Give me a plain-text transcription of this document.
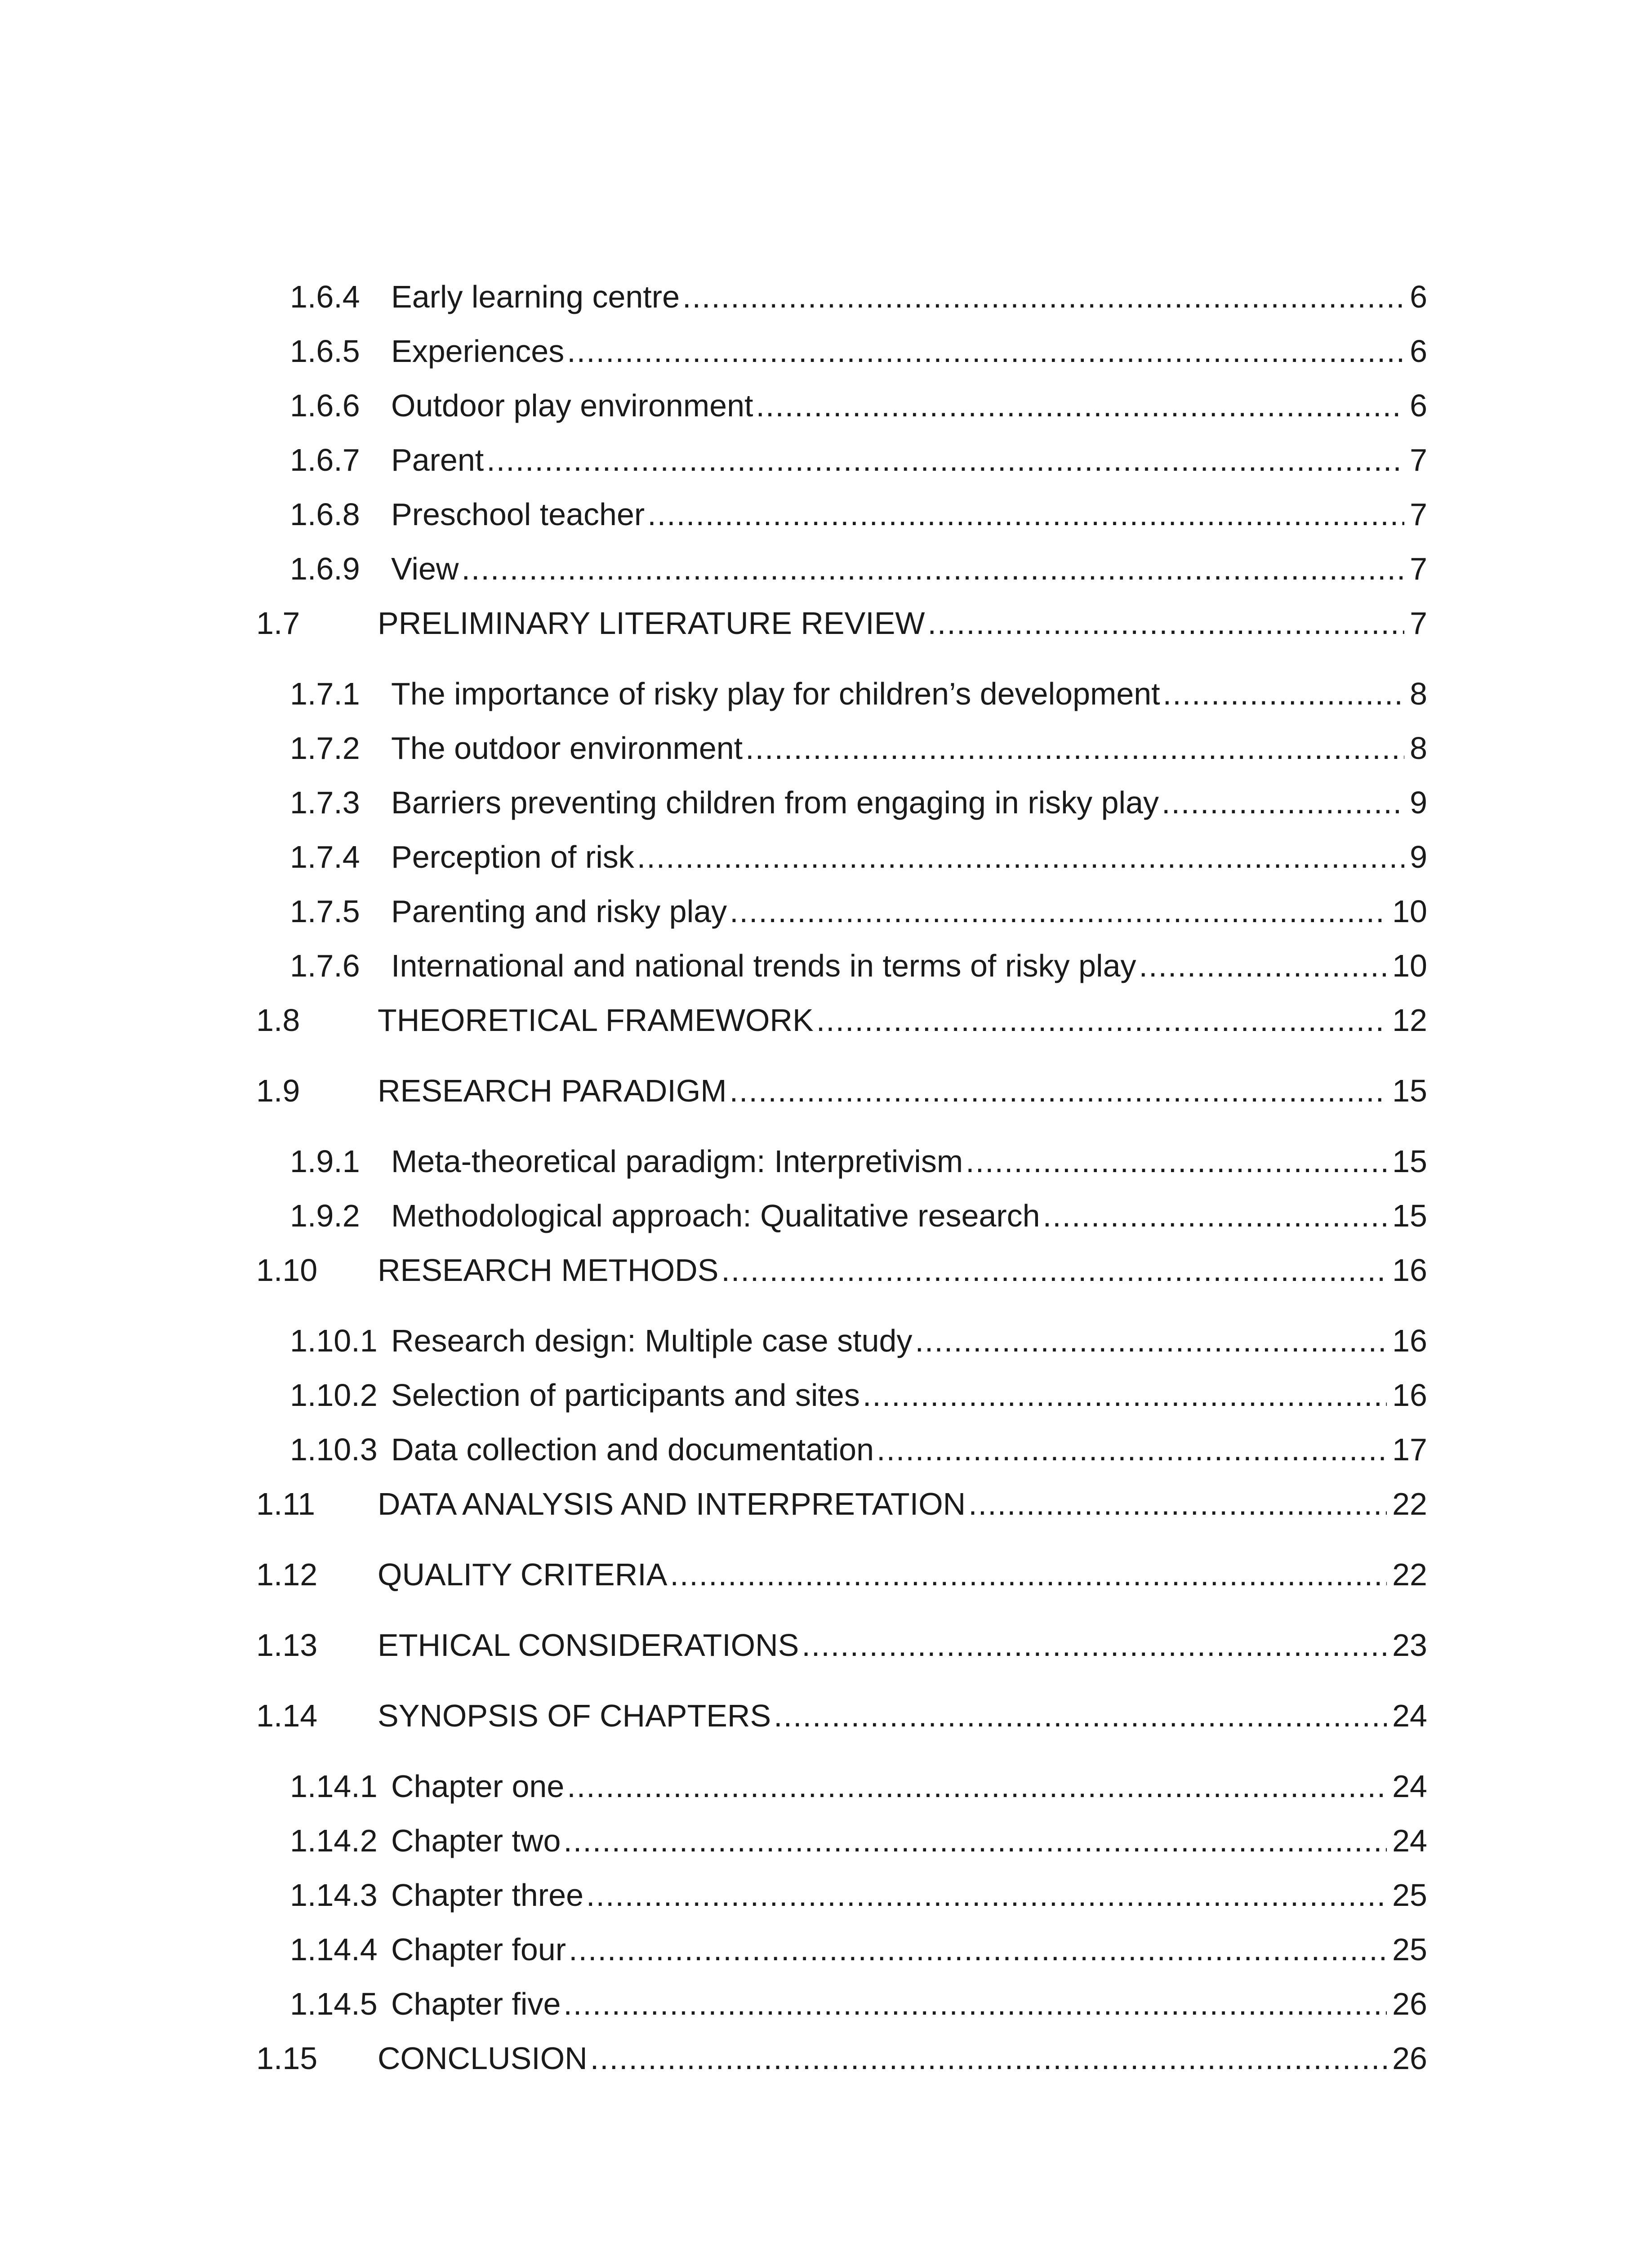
1.6.4 Early learning centre .....	6
1.6.5 Experiences .....	6
1.6.6 Outdoor play environment .....	6
1.6.7 Parent .....	7
1.6.8 Preschool teacher .....	7
1.6.9 View .....	7
1.7	PRELIMINARY LITERATURE REVIEW .....	7
1.7.1 The importance of risky play for children’s development .....	8
1.7.2 The outdoor environment .....	8
1.7.3 Barriers preventing children from engaging in risky play .....	9
1.7.4 Perception of risk .....	9
1.7.5 Parenting and risky play .....	10
1.7.6 International and national trends in terms of risky play .....	10
1.8	THEORETICAL FRAMEWORK .....	12
1.9	RESEARCH PARADIGM .....	15
1.9.1 Meta-theoretical paradigm: Interpretivism .....	15
1.9.2 Methodological approach: Qualitative research .....	15
1.10	RESEARCH METHODS .....	16
1.10.1 Research design: Multiple case study .....	16
1.10.2 Selection of participants and sites .....	16
1.10.3 Data collection and documentation .....	17
1.11	DATA ANALYSIS AND INTERPRETATION .....	22
1.12	QUALITY CRITERIA .....	22
1.13	ETHICAL CONSIDERATIONS .....	23
1.14	SYNOPSIS OF CHAPTERS .....	24
1.14.1 Chapter one .....	24
1.14.2 Chapter two .....	24
1.14.3 Chapter three .....	25
1.14.4 Chapter four .....	25
1.14.5 Chapter five .....	26
1.15	CONCLUSION .....	26
